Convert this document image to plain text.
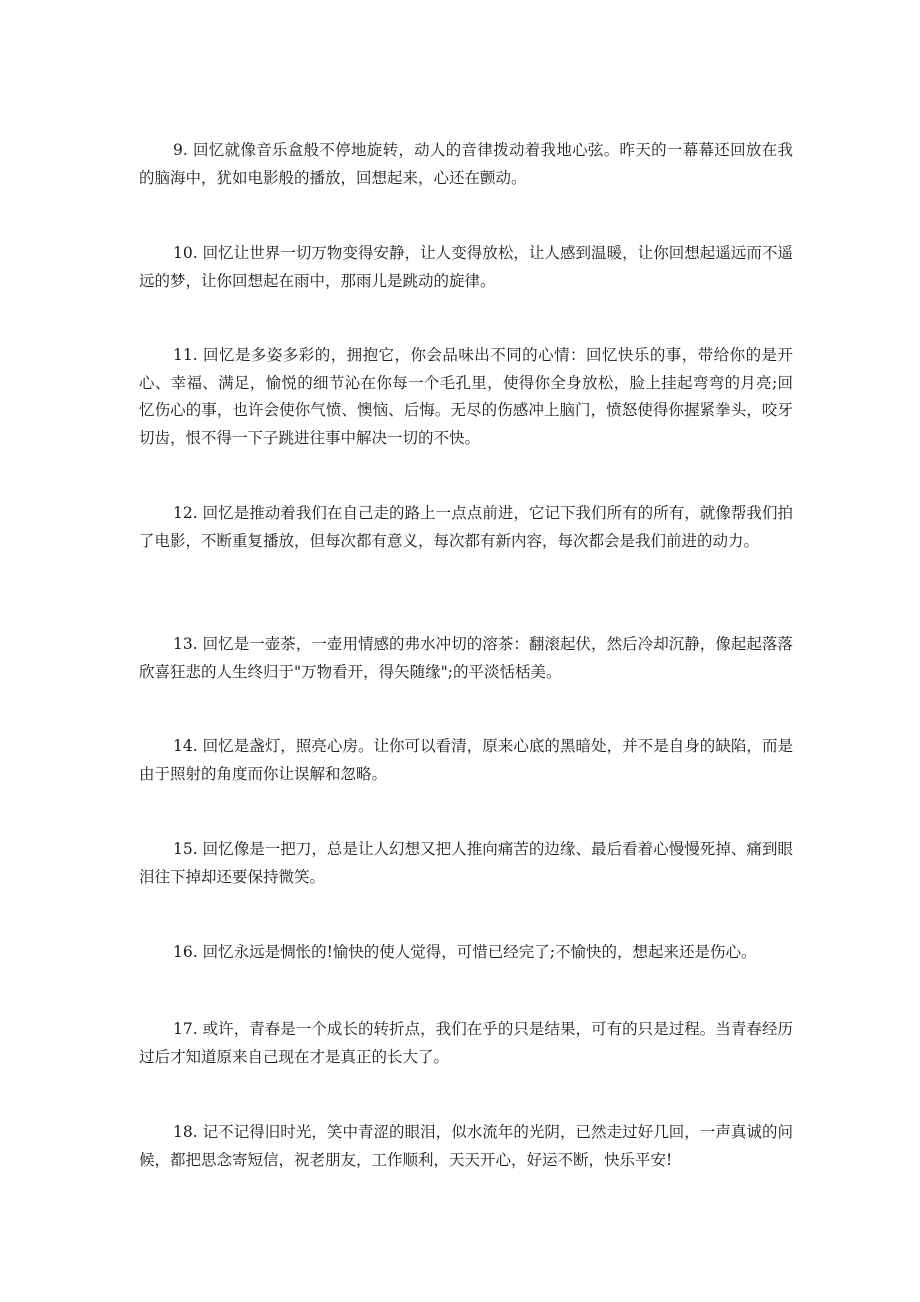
9. 回忆就像音乐盒般不停地旋转，动人的音律拨动着我地心弦。昨天的一幕幕还回放在我的脑海中，犹如电影般的播放，回想起来，心还在颤动。

10. 回忆让世界一切万物变得安静，让人变得放松，让人感到温暖，让你回想起遥远而不遥远的梦，让你回想起在雨中，那雨儿是跳动的旋律。

11. 回忆是多姿多彩的，拥抱它，你会品味出不同的心情：回忆快乐的事，带给你的是开心、幸福、满足，愉悦的细节沁在你每一个毛孔里，使得你全身放松，脸上挂起弯弯的月亮;回忆伤心的事，也许会使你气愤、懊恼、后悔。无尽的伤感冲上脑门，愤怒使得你握紧拳头，咬牙切齿，恨不得一下子跳进往事中解决一切的不快。

12. 回忆是推动着我们在自己走的路上一点点前进，它记下我们所有的所有，就像帮我们拍了电影，不断重复播放，但每次都有意义，每次都有新内容，每次都会是我们前进的动力。

13. 回忆是一壶茶，一壶用情感的弗水冲切的溶茶：翻滚起伏，然后冷却沉静，像起起落落欣喜狂悲的人生终归于"万物看开，得矢随缘";的平淡恬栝美。

14. 回忆是盏灯，照亮心房。让你可以看清，原来心底的黑暗处，并不是自身的缺陷，而是由于照射的角度而你让误解和忽略。

15. 回忆像是一把刀，总是让人幻想又把人推向痛苦的边缘、最后看着心慢慢死掉、痛到眼泪往下掉却还要保持微笑。

16. 回忆永远是惆怅的!愉快的使人觉得，可惜已经完了;不愉快的，想起来还是伤心。

17. 或许，青春是一个成长的转折点，我们在乎的只是结果，可有的只是过程。当青春经历过后才知道原来自己现在才是真正的长大了。

18. 记不记得旧时光，笑中青涩的眼泪，似水流年的光阴，已然走过好几回，一声真诚的问候，都把思念寄短信，祝老朋友，工作顺利，天天开心，好运不断，快乐平安!
